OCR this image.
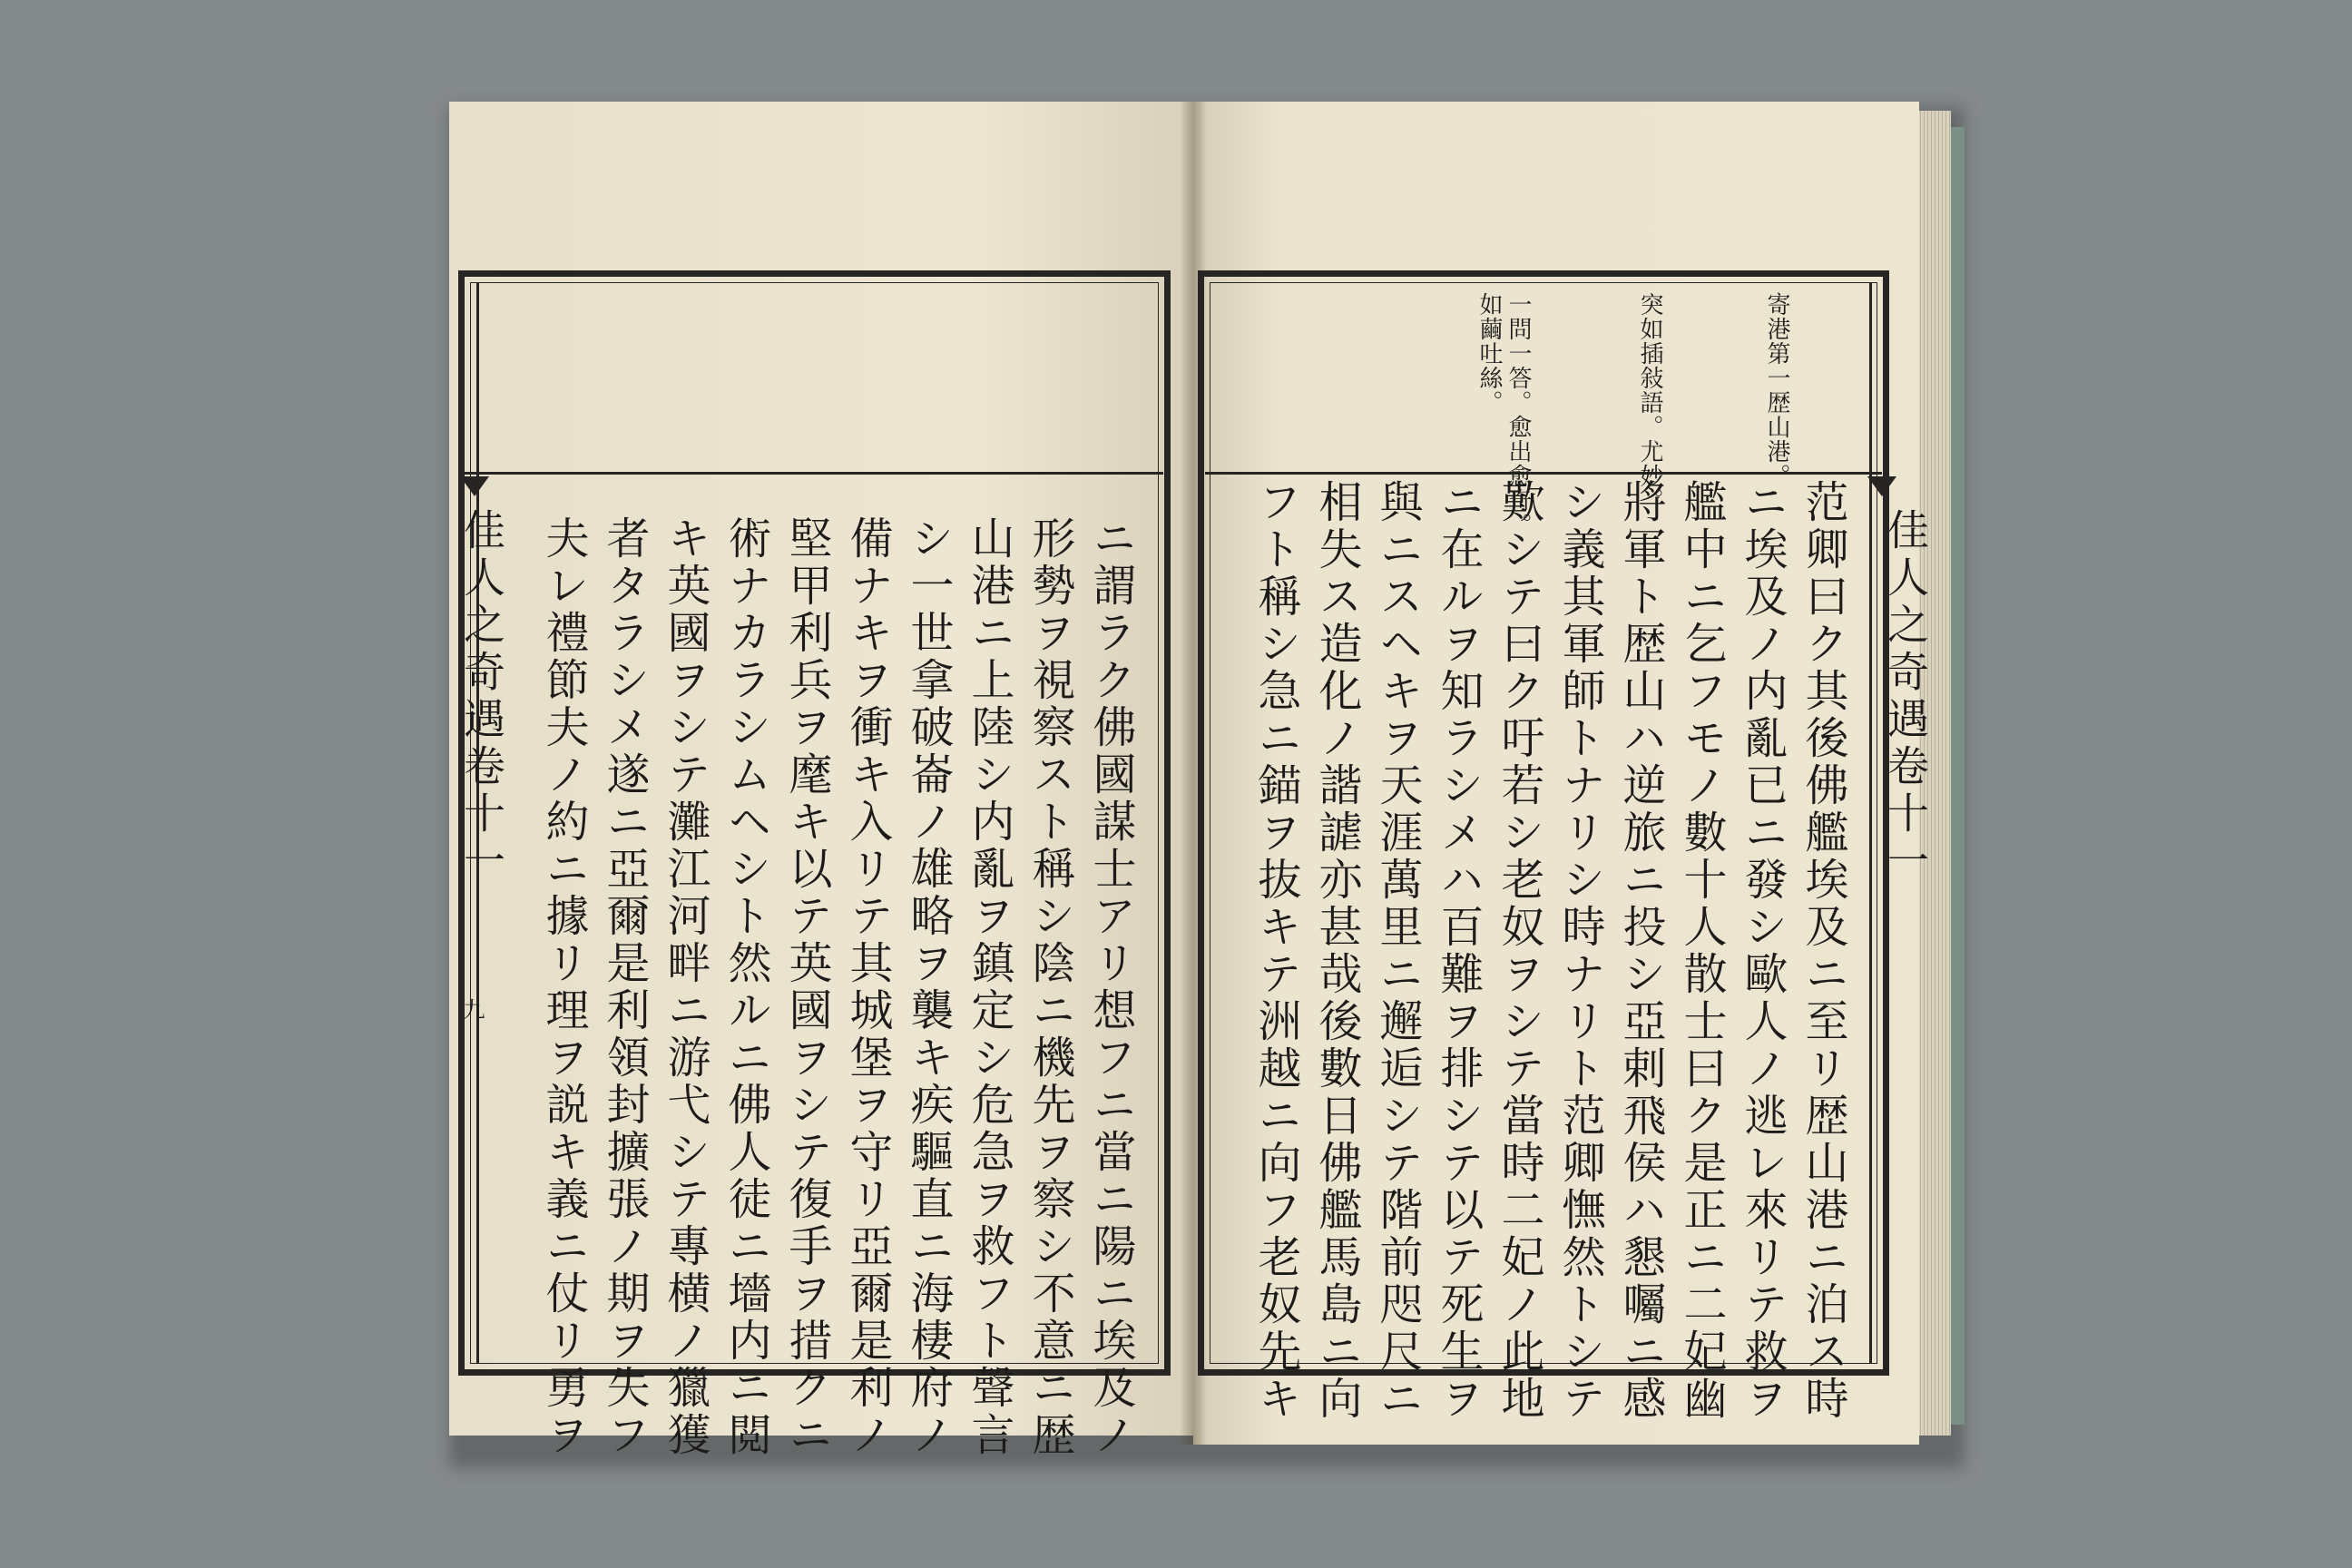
佳人之奇遇卷十一
九	ニ謂ラク佛國謀士アリ想フニ當ニ陽ニ埃及ノ
形勢ヲ視察スト稱シ陰ニ機先ヲ察シ不意ニ歴
山港ニ上陸シ内亂ヲ鎮定シ危急ヲ救フト聲言
シ一世拿破崙ノ雄略ヲ襲キ疾驅直ニ海棲府ノ
備ナキヲ衝キ入リテ其城堡ヲ守リ亞爾是利ノ
堅甲利兵ヲ麾キ以テ英國ヲシテ復手ヲ措クニ
術ナカラシムヘシト然ルニ佛人徒ニ墻内ニ閲
キ英國ヲシテ灘江河畔ニ游弋シテ專横ノ獵獲
者タラシメ遂ニ亞爾是利領封擴張ノ期ヲ失フ
夫レ禮節夫ノ約ニ據リ理ヲ説キ義ニ仗リ勇ヲ	佳人之奇遇卷十一
寄港第一歴山港。
突如插敍語。尤妙。
一問一答。愈出愈奇。
如繭吐絲。
范卿曰ク其後佛艦埃及ニ至リ歴山港ニ泊ス時
ニ埃及ノ内亂已ニ發シ歐人ノ逃レ來リテ救ヲ
艦中ニ乞フモノ數十人散士曰ク是正ニ二妃幽
將軍ト歴山ハ逆旅ニ投シ亞剌飛侯ハ懇囑ニ感
シ義其軍師トナリシ時ナリト范卿憮然トシテ
歎シテ曰ク吁若シ老奴ヲシテ當時二妃ノ此地
ニ在ルヲ知ラシメハ百難ヲ排シテ以テ死生ヲ
與ニスヘキヲ天涯萬里ニ邂逅シテ階前咫尺ニ
相失ス造化ノ諧謔亦甚哉後數日佛艦馬島ニ向
フト稱シ急ニ錨ヲ抜キテ洲越ニ向フ老奴先キ
